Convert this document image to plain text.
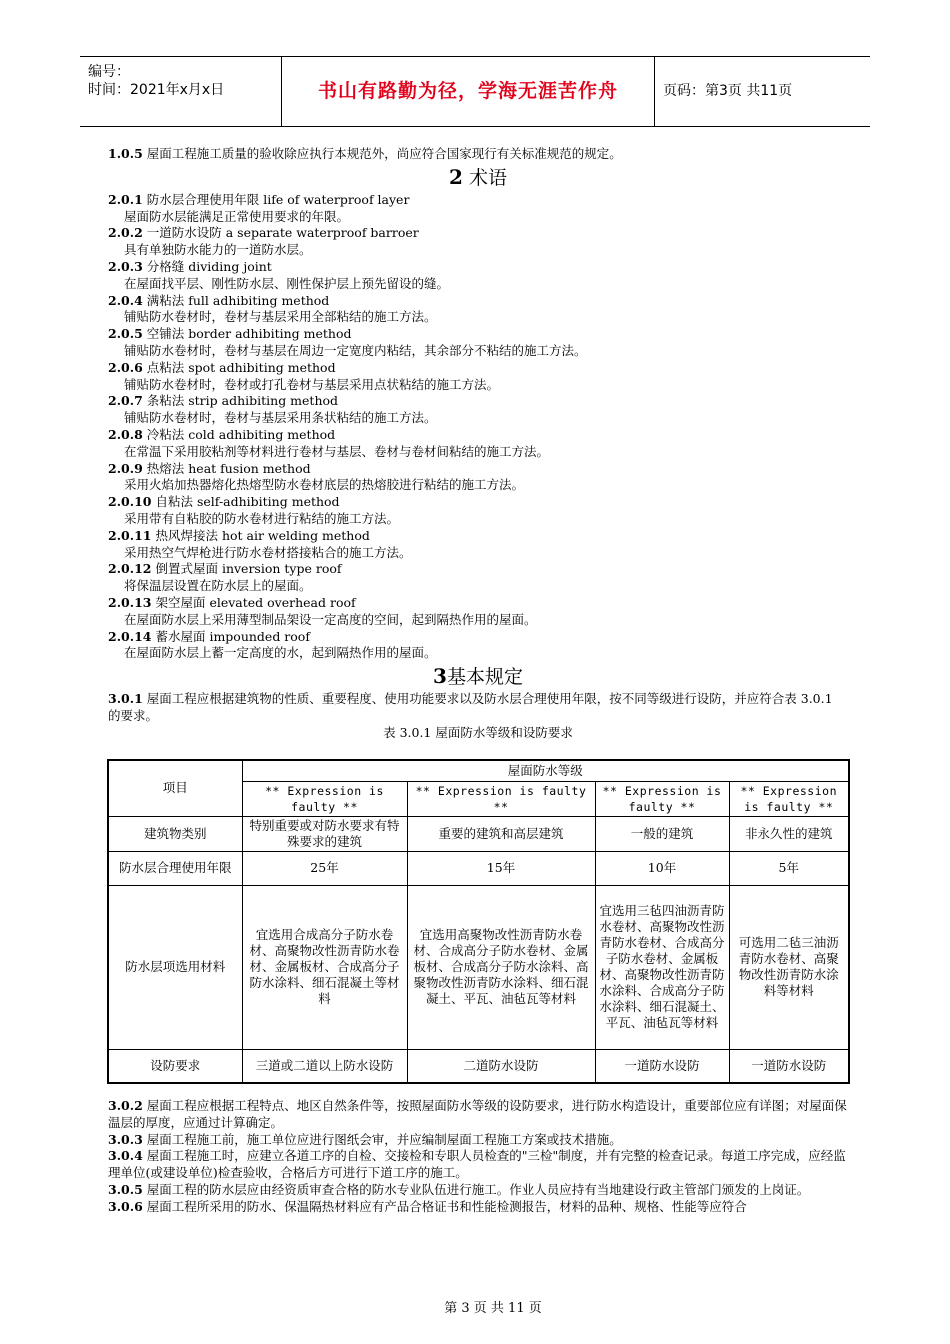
编号：
时间：2021年x月x日	书山有路勤为径，学海无涯苦作舟	页码：第3页 共11页

1.0.5 屋面工程施工质量的验收除应执行本规范外，尚应符合国家现行有关标准规范的规定。

2 术语

2.0.1 防水层合理使用年限 life of waterproof layer

屋面防水层能满足正常使用要求的年限。

2.0.2 一道防水设防 a separate waterproof barroer

具有单独防水能力的一道防水层。

2.0.3 分格缝 dividing joint

在屋面找平层、刚性防水层、刚性保护层上预先留设的缝。

2.0.4 满粘法 full adhibiting method

铺贴防水卷材时，卷材与基层采用全部粘结的施工方法。

2.0.5 空铺法 border adhibiting method

铺贴防水卷材时，卷材与基层在周边一定宽度内粘结，其余部分不粘结的施工方法。

2.0.6 点粘法 spot adhibiting method

铺贴防水卷材时，卷材或打孔卷材与基层采用点状粘结的施工方法。

2.0.7 条粘法 strip adhibiting method

铺贴防水卷材时，卷材与基层采用条状粘结的施工方法。

2.0.8 冷粘法 cold adhibiting method

在常温下采用胶粘剂等材料进行卷材与基层、卷材与卷材间粘结的施工方法。

2.0.9 热熔法 heat fusion method

采用火焰加热器熔化热熔型防水卷材底层的热熔胶进行粘结的施工方法。

2.0.10 自粘法 self-adhibiting method

采用带有自粘胶的防水卷材进行粘结的施工方法。

2.0.11 热风焊接法 hot air welding method

采用热空气焊枪进行防水卷材搭接粘合的施工方法。

2.0.12 倒置式屋面 inversion type roof

将保温层设置在防水层上的屋面。

2.0.13 架空屋面 elevated overhead roof

在屋面防水层上采用薄型制品架设一定高度的空间，起到隔热作用的屋面。

2.0.14 蓄水屋面 impounded roof

在屋面防水层上蓄一定高度的水，起到隔热作用的屋面。

3基本规定

3.0.1 屋面工程应根据建筑物的性质、重要程度、使用功能要求以及防水层合理使用年限，按不同等级进行设防，并应符合表 3.0.1 的要求。

表 3.0.1 屋面防水等级和设防要求

项目	屋面防水等级			
	** Expression is faulty **	** Expression is faulty **	** Expression is faulty **	** Expression is faulty **
建筑物类别	特别重要或对防水要求有特殊要求的建筑	重要的建筑和高层建筑	一般的建筑	非永久性的建筑
防水层合理使用年限	25年	15年	10年	5年
防水层项选用材料	宜选用合成高分子防水卷材、高聚物改性沥青防水卷材、金属板材、合成高分子防水涂料、细石混凝土等材料	宜选用高聚物改性沥青防水卷材、合成高分子防水卷材、金属板材、合成高分子防水涂料、高聚物改性沥青防水涂料、细石混凝土、平瓦、油毡瓦等材料	宜选用三毡四油沥青防水卷材、高聚物改性沥青防水卷材、合成高分子防水卷材、金属板材、高聚物改性沥青防水涂料、合成高分子防水涂料、细石混凝土、平瓦、油毡瓦等材料	可选用二毡三油沥青防水卷材、高聚物改性沥青防水涂料等材料
设防要求	三道或二道以上防水设防	二道防水设防	一道防水设防	一道防水设防

3.0.2 屋面工程应根据工程特点、地区自然条件等，按照屋面防水等级的设防要求，进行防水构造设计，重要部位应有详图；对屋面保温层的厚度，应通过计算确定。

3.0.3 屋面工程施工前，施工单位应进行图纸会审，并应编制屋面工程施工方案或技术措施。

3.0.4 屋面工程施工时，应建立各道工序的自检、交接检和专职人员检查的"三检"制度，并有完整的检查记录。每道工序完成，应经监理单位(或建设单位)检查验收，合格后方可进行下道工序的施工。

3.0.5 屋面工程的防水层应由经资质审查合格的防水专业队伍进行施工。作业人员应持有当地建设行政主管部门颁发的上岗证。

3.0.6 屋面工程所采用的防水、保温隔热材料应有产品合格证书和性能检测报告，材料的品种、规格、性能等应符合

第 3 页 共 11 页
